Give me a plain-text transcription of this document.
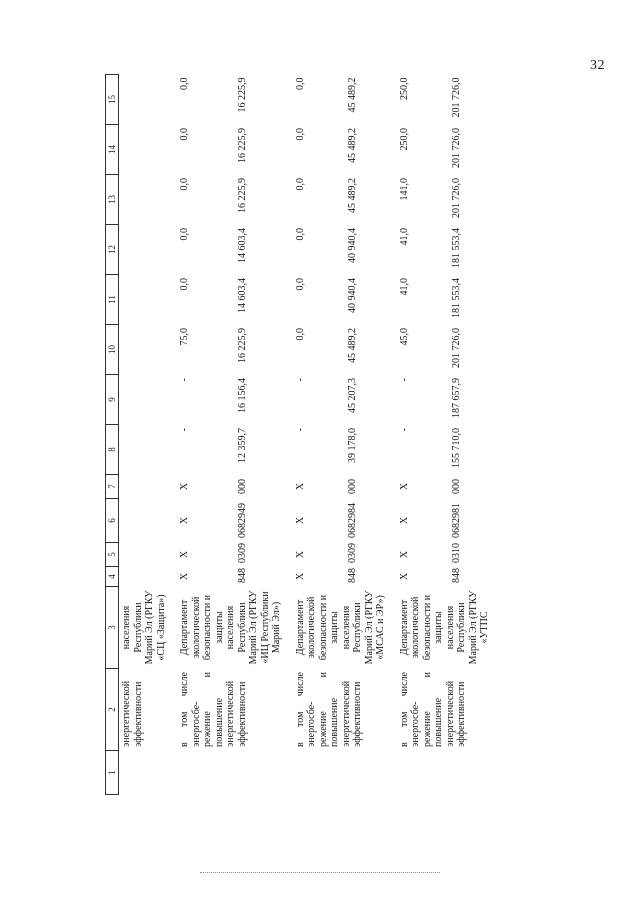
32
1	2	3	4	5	6	7	8	9	10	11	12	13	14	15
	энергетической эффективности	населения Республики Марий Эл (РГКУ «СЦ «Защита»)												
	в том числе энергосбе-режение и повышение энергетической эффективности	Департамент экологической безопасности и защиты населения Республики Марий Эл (РГКУ «ИЦ Республики Марий Эл»)	X	X	X	X	-	-	75,0	0,0	0,0	0,0	0,0	0,0
			848	0309	0682949	000	12 359,7	16 156,4	16 225,9	14 603,4	14 603,4	16 225,9	16 225,9	16 225,9
	в том числе энергосбе-режение и повышение энергетической эффективности	Департамент экологической безопасности и защиты населения Республики Марий Эл (РГКУ «МСАС и ЭР»)	X	X	X	X	-	-	0,0	0,0	0,0	0,0	0,0	0,0
			848	0309	0682984	000	39 178,0	45 207,3	45 489,2	40 940,4	40 940,4	45 489,2	45 489,2	45 489,2
	в том числе энергосбе-режение и повышение энергетической эффективности	Департамент экологической безопасности и защиты населения Республики Марий Эл (РГКУ «УТПС	X	X	X	X	-	-	45,0	41,0	41,0	141,0	250,0	250,0
			848	0310	0682981	000	155 710,0	187 657,9	201 726,0	181 553,4	181 553,4	201 726,0	201 726,0	201 726,0
